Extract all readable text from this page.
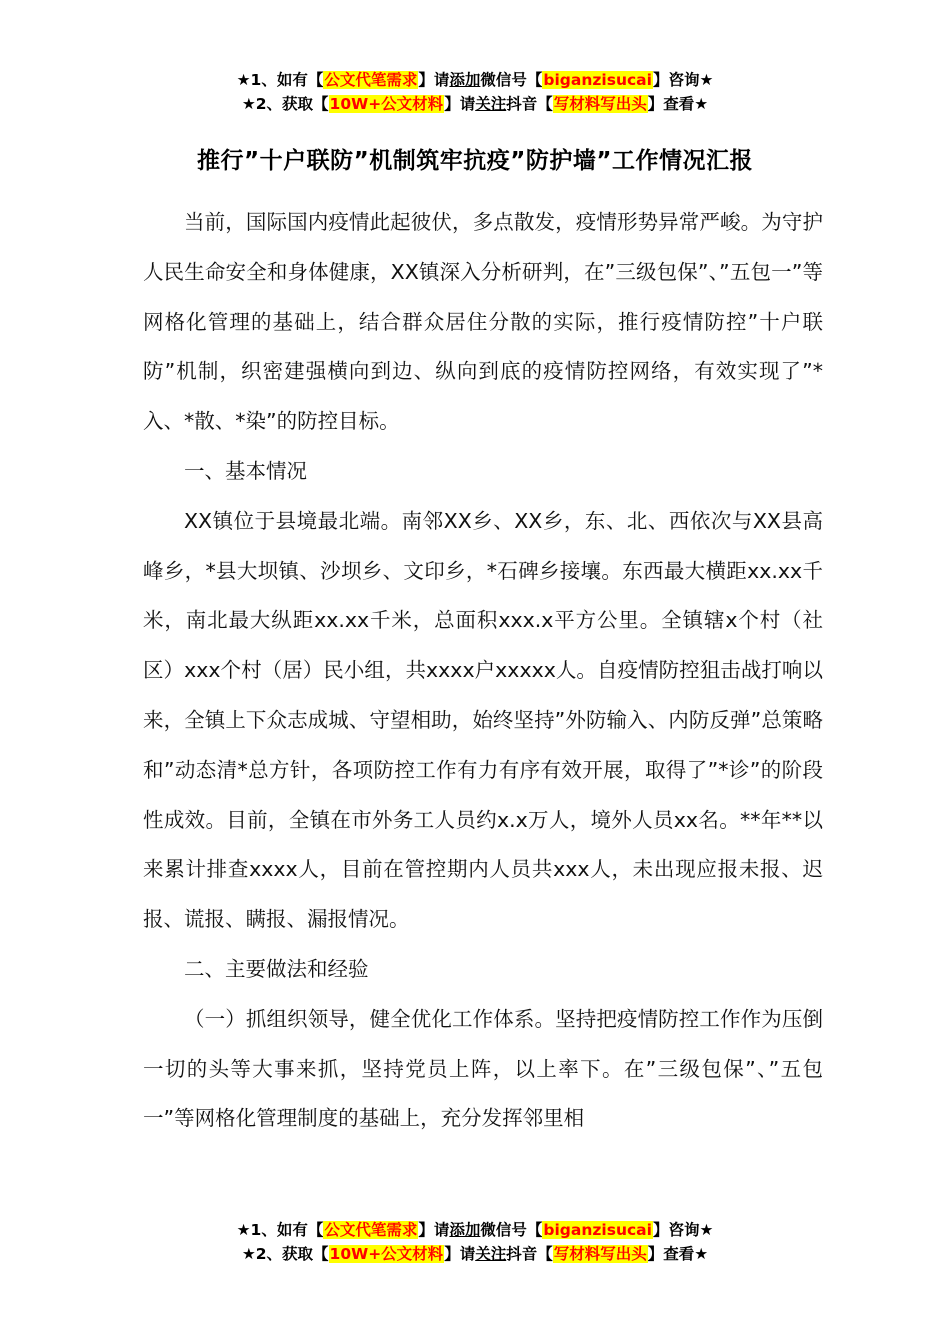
★1、如有【公文代笔需求】请添加微信号【biganzisucai】咨询★
★2、获取【10W+公文材料】请关注抖音【写材料写出头】查看★
推行”十户联防”机制筑牢抗疫”防护墙”工作情况汇报

当前，国际国内疫情此起彼伏，多点散发，疫情形势异常严峻。为守护人民生命安全和身体健康，XX镇深入分析研判，在”三级包保”、”五包一”等网格化管理的基础上，结合群众居住分散的实际，推行疫情防控”十户联防”机制，织密建强横向到边、纵向到底的疫情防控网络，有效实现了”*入、*散、*染”的防控目标。

一、基本情况

XX镇位于县境最北端。南邻XX乡、XX乡，东、北、西依次与XX县高峰乡，*县大坝镇、沙坝乡、文印乡，*石碑乡接壤。东西最大横距xx.xx千米，南北最大纵距xx.xx千米，总面积xxx.x平方公里。全镇辖x个村（社区）xxx个村（居）民小组，共xxxx户xxxxx人。自疫情防控狙击战打响以来，全镇上下众志成城、守望相助，始终坚持”外防输入、内防反弹”总策略和”动态清*总方针，各项防控工作有力有序有效开展，取得了”*诊”的阶段性成效。目前，全镇在市外务工人员约x.x万人，境外人员xx名。**年**以来累计排查xxxx人，目前在管控期内人员共xxx人，未出现应报未报、迟报、谎报、瞒报、漏报情况。

二、主要做法和经验

（一）抓组织领导，健全优化工作体系。坚持把疫情防控工作作为压倒一切的头等大事来抓，坚持党员上阵，以上率下。在”三级包保”、”五包一”等网格化管理制度的基础上，充分发挥邻里相

★1、如有【公文代笔需求】请添加微信号【biganzisucai】咨询★
★2、获取【10W+公文材料】请关注抖音【写材料写出头】查看★
